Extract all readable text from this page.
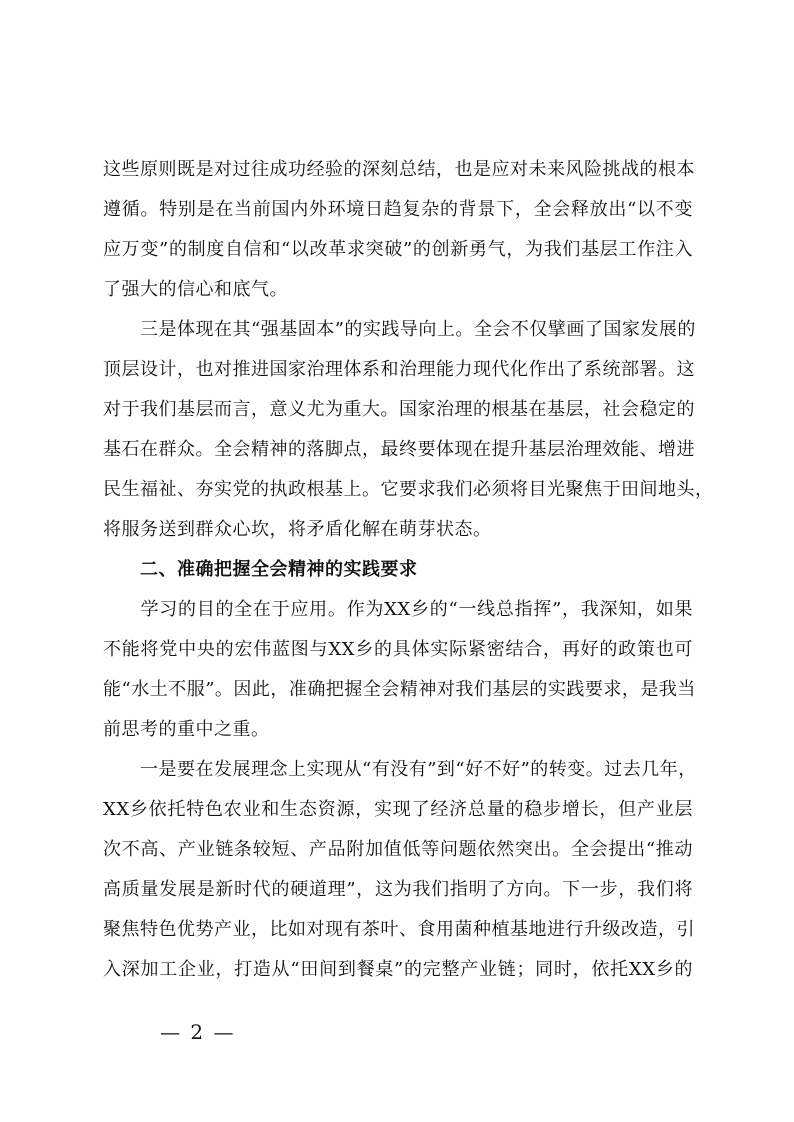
这些原则既是对过往成功经验的深刻总结，也是应对未来风险挑战的根本
遵循。特别是在当前国内外环境日趋复杂的背景下，全会释放出“以不变
应万变”的制度自信和“以改革求突破”的创新勇气，为我们基层工作注入
了强大的信心和底气。
　　三是体现在其“强基固本”的实践导向上。全会不仅擘画了国家发展的
顶层设计，也对推进国家治理体系和治理能力现代化作出了系统部署。这
对于我们基层而言，意义尤为重大。国家治理的根基在基层，社会稳定的
基石在群众。全会精神的落脚点，最终要体现在提升基层治理效能、增进
民生福祉、夯实党的执政根基上。它要求我们必须将目光聚焦于田间地头，
将服务送到群众心坎，将矛盾化解在萌芽状态。
　　二、准确把握全会精神的实践要求
　　学习的目的全在于应用。作为XX乡的“一线总指挥”，我深知，如果
不能将党中央的宏伟蓝图与XX乡的具体实际紧密结合，再好的政策也可
能“水土不服”。因此，准确把握全会精神对我们基层的实践要求，是我当
前思考的重中之重。
　　一是要在发展理念上实现从“有没有”到“好不好”的转变。过去几年，
XX乡依托特色农业和生态资源，实现了经济总量的稳步增长，但产业层
次不高、产业链条较短、产品附加值低等问题依然突出。全会提出“推动
高质量发展是新时代的硬道理”，这为我们指明了方向。下一步，我们将
聚焦特色优势产业，比如对现有茶叶、食用菌种植基地进行升级改造，引
入深加工企业，打造从“田间到餐桌”的完整产业链；同时，依托XX乡的
— 2 —
